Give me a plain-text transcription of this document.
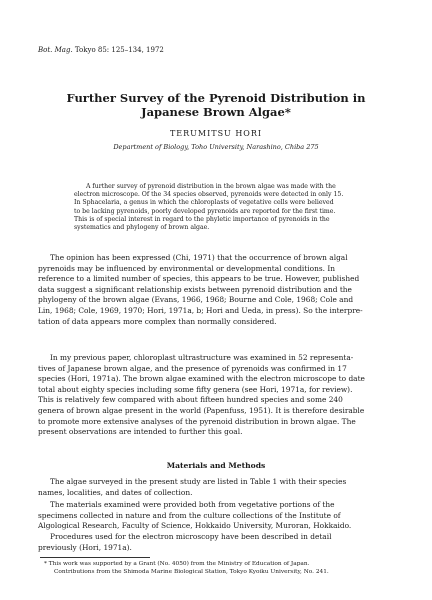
Bot. Mag. Tokyo 85: 125–134, 1972
Further Survey of the Pyrenoid Distribution in
Japanese Brown Algae*
TERUMITSU HORI
Department of Biology, Toho University, Narashino, Chiba 275
A further survey of pyrenoid distribution in the brown algae was made with the
electron microscope. Of the 34 species observed, pyrenoids were detected in only 15.
In Sphacelaria, a genus in which the chloroplasts of vegetative cells were believed
to be lacking pyrenoids, poorly developed pyrenoids are reported for the first time.
This is of special interest in regard to the phyletic importance of pyrenoids in the
systematics and phylogeny of brown algae.
The opinion has been expressed (Chi, 1971) that the occurrence of brown algal
pyrenoids may be influenced by environmental or developmental conditions. In
reference to a limited number of species, this appears to be true. However, published
data suggest a significant relationship exists between pyrenoid distribution and the
phylogeny of the brown algae (Evans, 1966, 1968; Bourne and Cole, 1968; Cole and
Lin, 1968; Cole, 1969, 1970; Hori, 1971a, b; Hori and Ueda, in press). So the interpre-
tation of data appears more complex than normally considered.
In my previous paper, chloroplast ultrastructure was examined in 52 representa-
tives of Japanese brown algae, and the presence of pyrenoids was confirmed in 17
species (Hori, 1971a). The brown algae examined with the electron microscope to date
total about eighty species including some fifty genera (see Hori, 1971a, for review).
This is relatively few compared with about fifteen hundred species and some 240
genera of brown algae present in the world (Papenfuss, 1951). It is therefore desirable
to promote more extensive analyses of the pyrenoid distribution in brown algae. The
present observations are intended to further this goal.
Materials and Methods
The algae surveyed in the present study are listed in Table 1 with their species
names, localities, and dates of collection.
The materials examined were provided both from vegetative portions of the
specimens collected in nature and from the culture collections of the Institute of
Algological Research, Faculty of Science, Hokkaido University, Muroran, Hokkaido.
Procedures used for the electron microscopy have been described in detail
previously (Hori, 1971a).
* This work was supported by a Grant (No. 4050) from the Ministry of Education of Japan.
Contributions from the Shimoda Marine Biological Station, Tokyo Kyoiku University, No. 241.
